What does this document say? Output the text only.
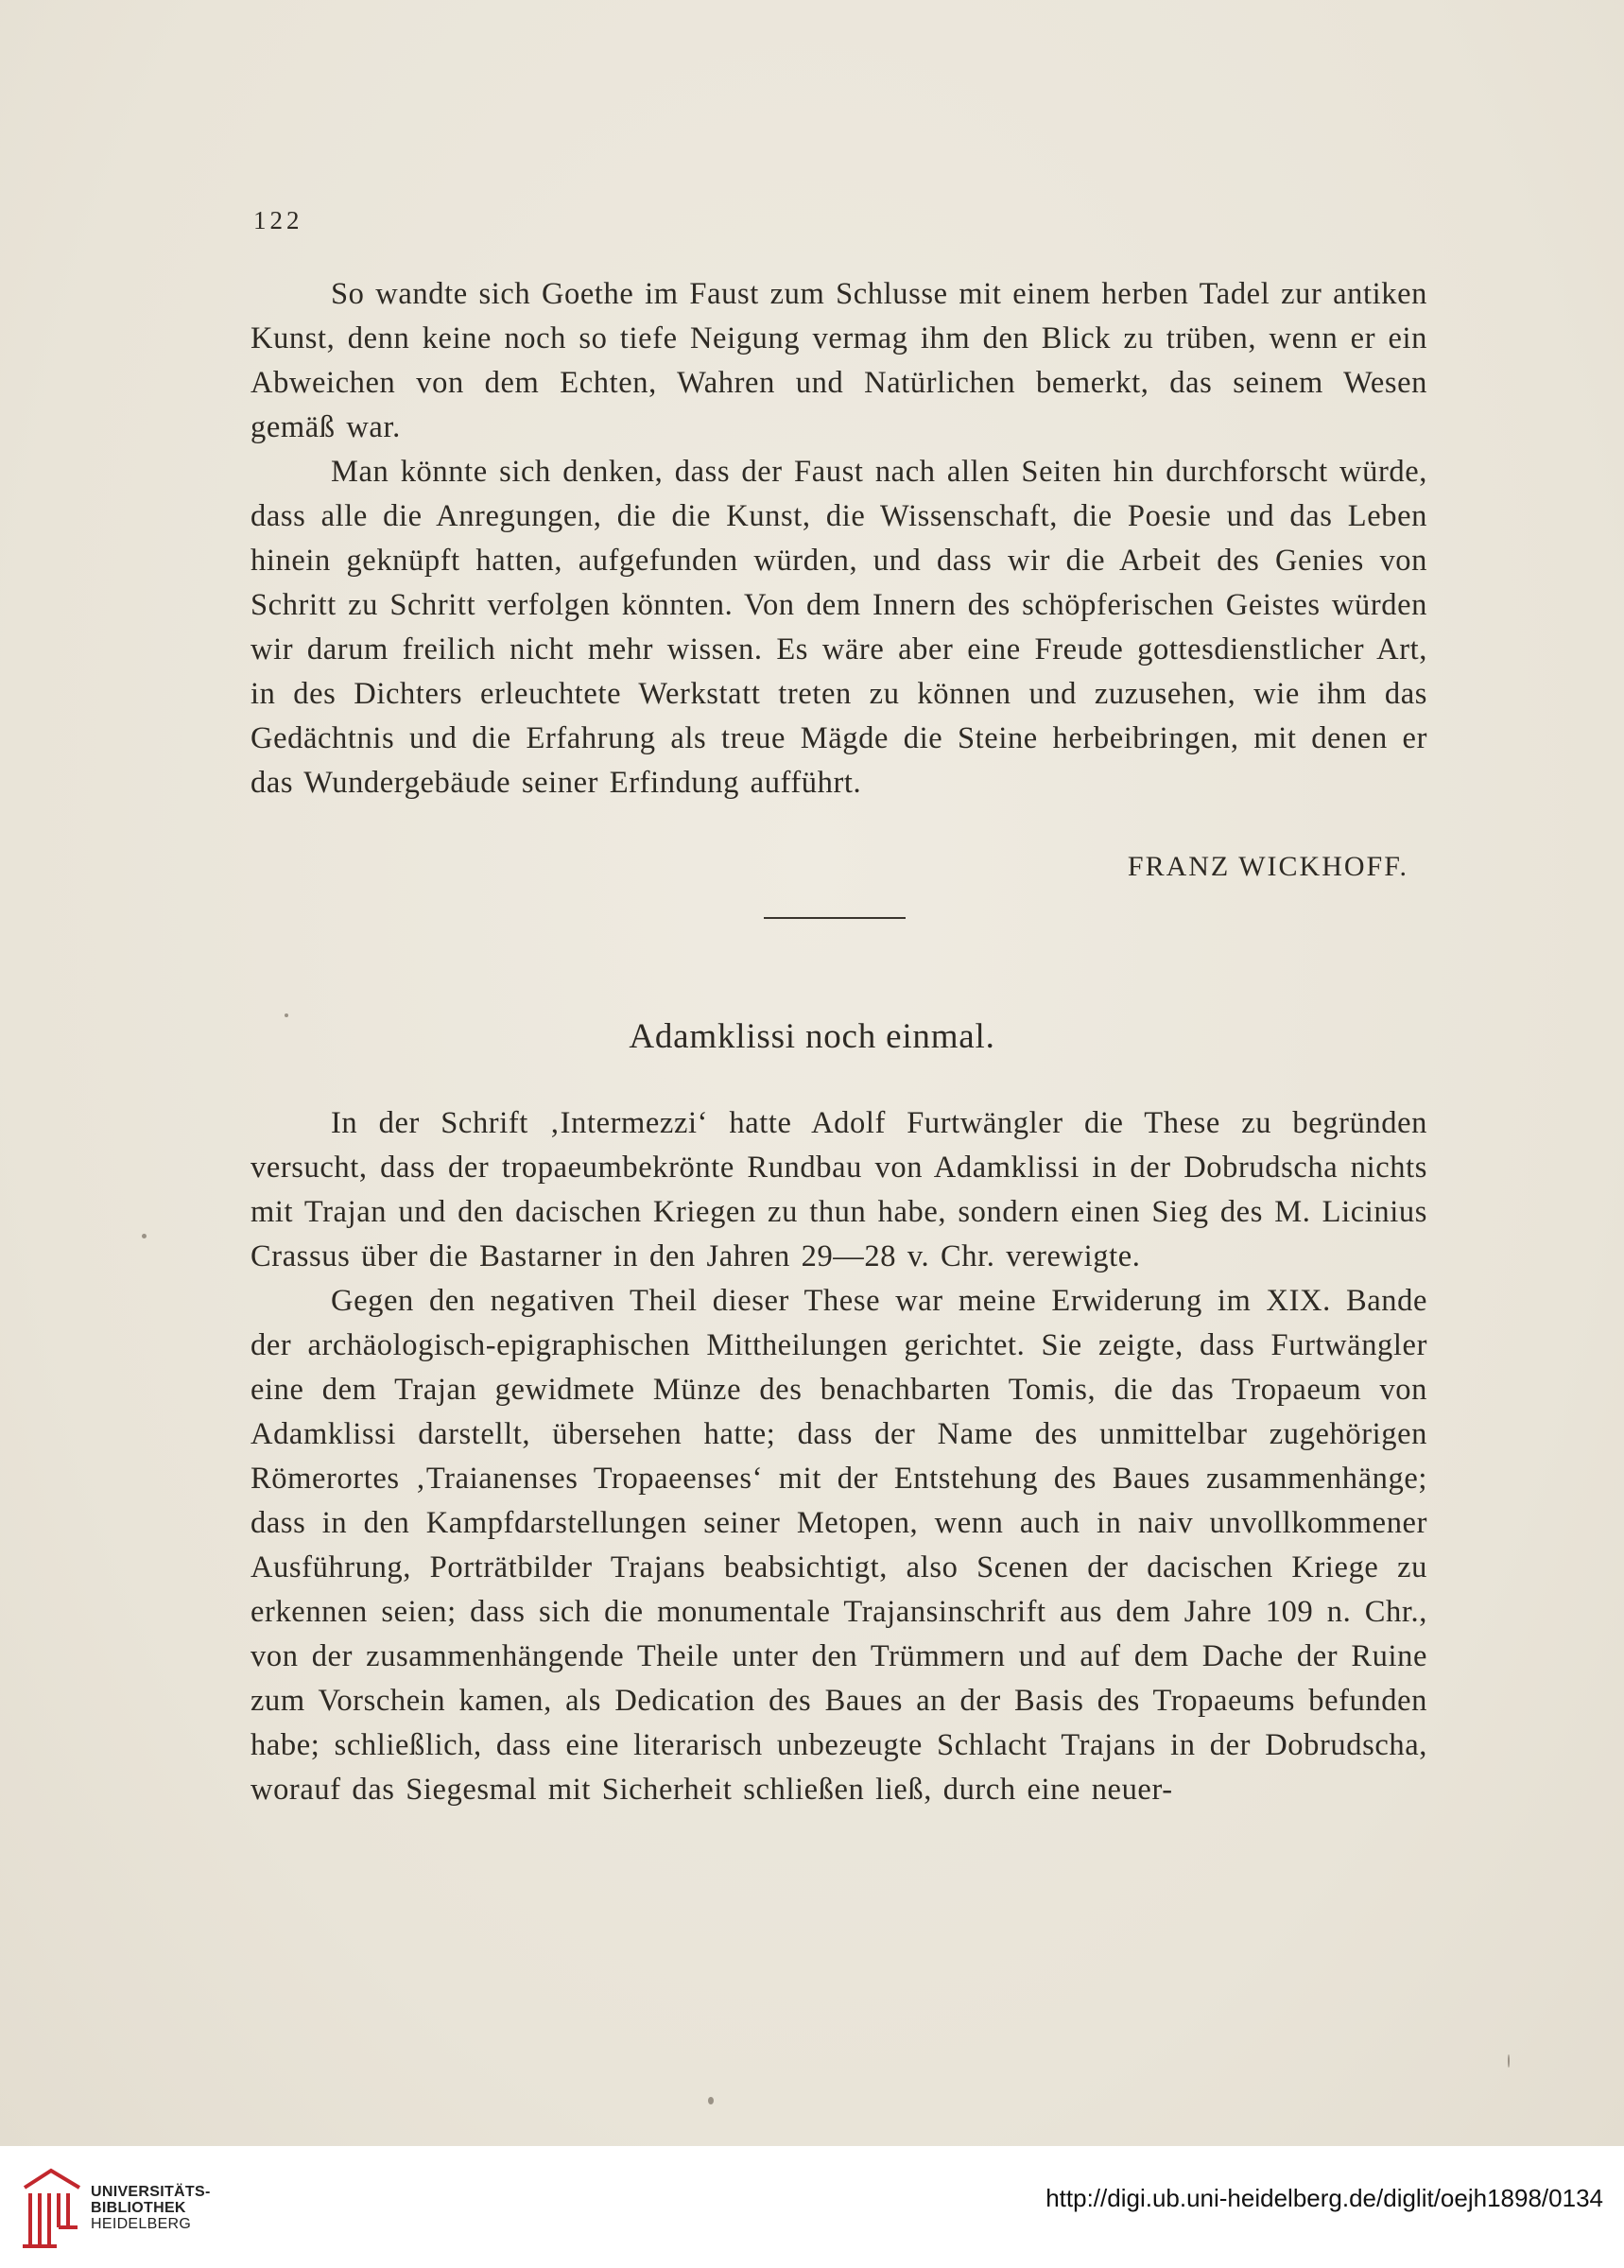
122

So wandte sich Goethe im Faust zum Schlusse mit einem herben Tadel zur antiken Kunst, denn keine noch so tiefe Neigung vermag ihm den Blick zu trüben, wenn er ein Abweichen von dem Echten, Wahren und Natürlichen bemerkt, das seinem Wesen gemäß war.

Man könnte sich denken, dass der Faust nach allen Seiten hin durchforscht würde, dass alle die Anregungen, die die Kunst, die Wissenschaft, die Poesie und das Leben hinein geknüpft hatten, aufgefunden würden, und dass wir die Arbeit des Genies von Schritt zu Schritt verfolgen könnten. Von dem Innern des schöpferischen Geistes würden wir darum freilich nicht mehr wissen. Es wäre aber eine Freude gottesdienstlicher Art, in des Dichters erleuchtete Werkstatt treten zu können und zuzusehen, wie ihm das Gedächtnis und die Erfahrung als treue Mägde die Steine herbeibringen, mit denen er das Wundergebäude seiner Erfindung aufführt.

FRANZ WICKHOFF.
Adamklissi noch einmal.

In der Schrift ‚Intermezzi‘ hatte Adolf Furtwängler die These zu begründen versucht, dass der tropaeumbekrönte Rundbau von Adamklissi in der Dobrudscha nichts mit Trajan und den dacischen Kriegen zu thun habe, sondern einen Sieg des M. Licinius Crassus über die Bastarner in den Jahren 29—28 v. Chr. verewigte.

Gegen den negativen Theil dieser These war meine Erwiderung im XIX. Bande der archäologisch-epigraphischen Mittheilungen gerichtet. Sie zeigte, dass Furtwängler eine dem Trajan gewidmete Münze des benachbarten Tomis, die das Tropaeum von Adamklissi darstellt, übersehen hatte; dass der Name des unmittelbar zugehörigen Römerortes ‚Traianenses Tropaeenses‘ mit der Entstehung des Baues zusammenhänge; dass in den Kampfdarstellungen seiner Metopen, wenn auch in naiv unvollkommener Ausführung, Porträtbilder Trajans beabsichtigt, also Scenen der dacischen Kriege zu erkennen seien; dass sich die monumentale Trajansinschrift aus dem Jahre 109 n. Chr., von der zusammenhängende Theile unter den Trümmern und auf dem Dache der Ruine zum Vorschein kamen, als Dedication des Baues an der Basis des Tropaeums befunden habe; schließlich, dass eine literarisch unbezeugte Schlacht Trajans in der Dobrudscha, worauf das Siegesmal mit Sicherheit schließen ließ, durch eine neuer-

UNIVERSITÄTS-
BIBLIOTHEK
HEIDELBERG
http://digi.ub.uni-heidelberg.de/diglit/oejh1898/0134
